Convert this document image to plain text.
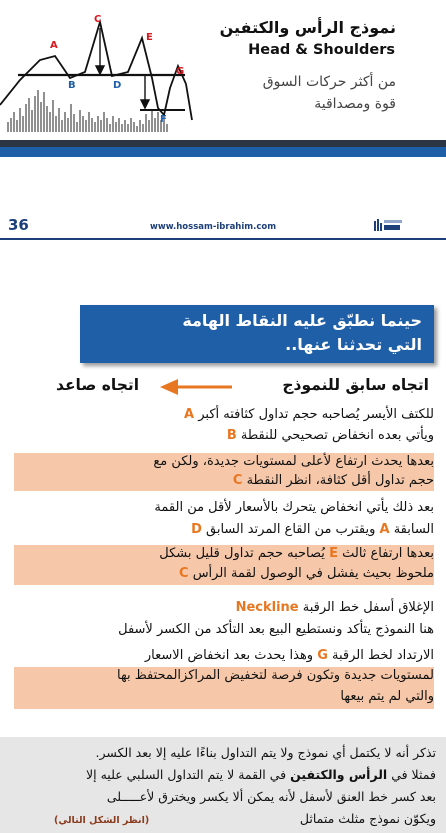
C
A
E
B	D
G
F
نموذج الرأس والكتفين
Head & Shoulders
من أكثر حركات السوق
قوة ومصداقية
36	www.hossam-ibrahim.com
حينما نطبّق عليه النقاط الهامة
التي تحدثنا عنها..
اتجاه سابق للنموذج
اتجاه صاعد
للكتف الأيسر يُصاحبه حجم تداول كثافته أكبر A
ويأتي بعده انخفاض تصحيحي للنقطة B
بعدها يحدث ارتفاع لأعلى لمستويات جديدة، ولكن مع
حجم تداول أقل كثافة، انظر النقطة C
بعد ذلك يأتي انخفاض يتحرك بالأسعار لأقل من القمة
السابقة A ويقترب من القاع المرتد السابق D
بعدها ارتفاع ثالث E يُصاحبه حجم تداول قليل بشكل
ملحوظ بحيث يفشل في الوصول لقمة الرأس C
الإغلاق أسفل خط الرقبة Neckline
هنا النموذج يتأكد ونستطيع البيع بعد التأكد من الكسر لأسفل
الارتداد لخط الرقبة G وهذا يحدث بعد انخفاض الاسعار
لمستويات جديدة وتكون فرصة لتخفيض المراكزالمحتفظ بها
والتي لم يتم بيعها
تذكر أنه لا يكتمل أي نموذج ولا يتم التداول بناءًا عليه إلا بعد الكسر.
فمثلا في الرأس والكتفين في القمة لا يتم التداول السلبي عليه إلا
بعد كسر خط العنق لأسفل لأنه يمكن ألا يكسر ويخترق لأعـــــلى
ويكوّن نموذج مثلث متماثل
(انظر الشكل التالي)
